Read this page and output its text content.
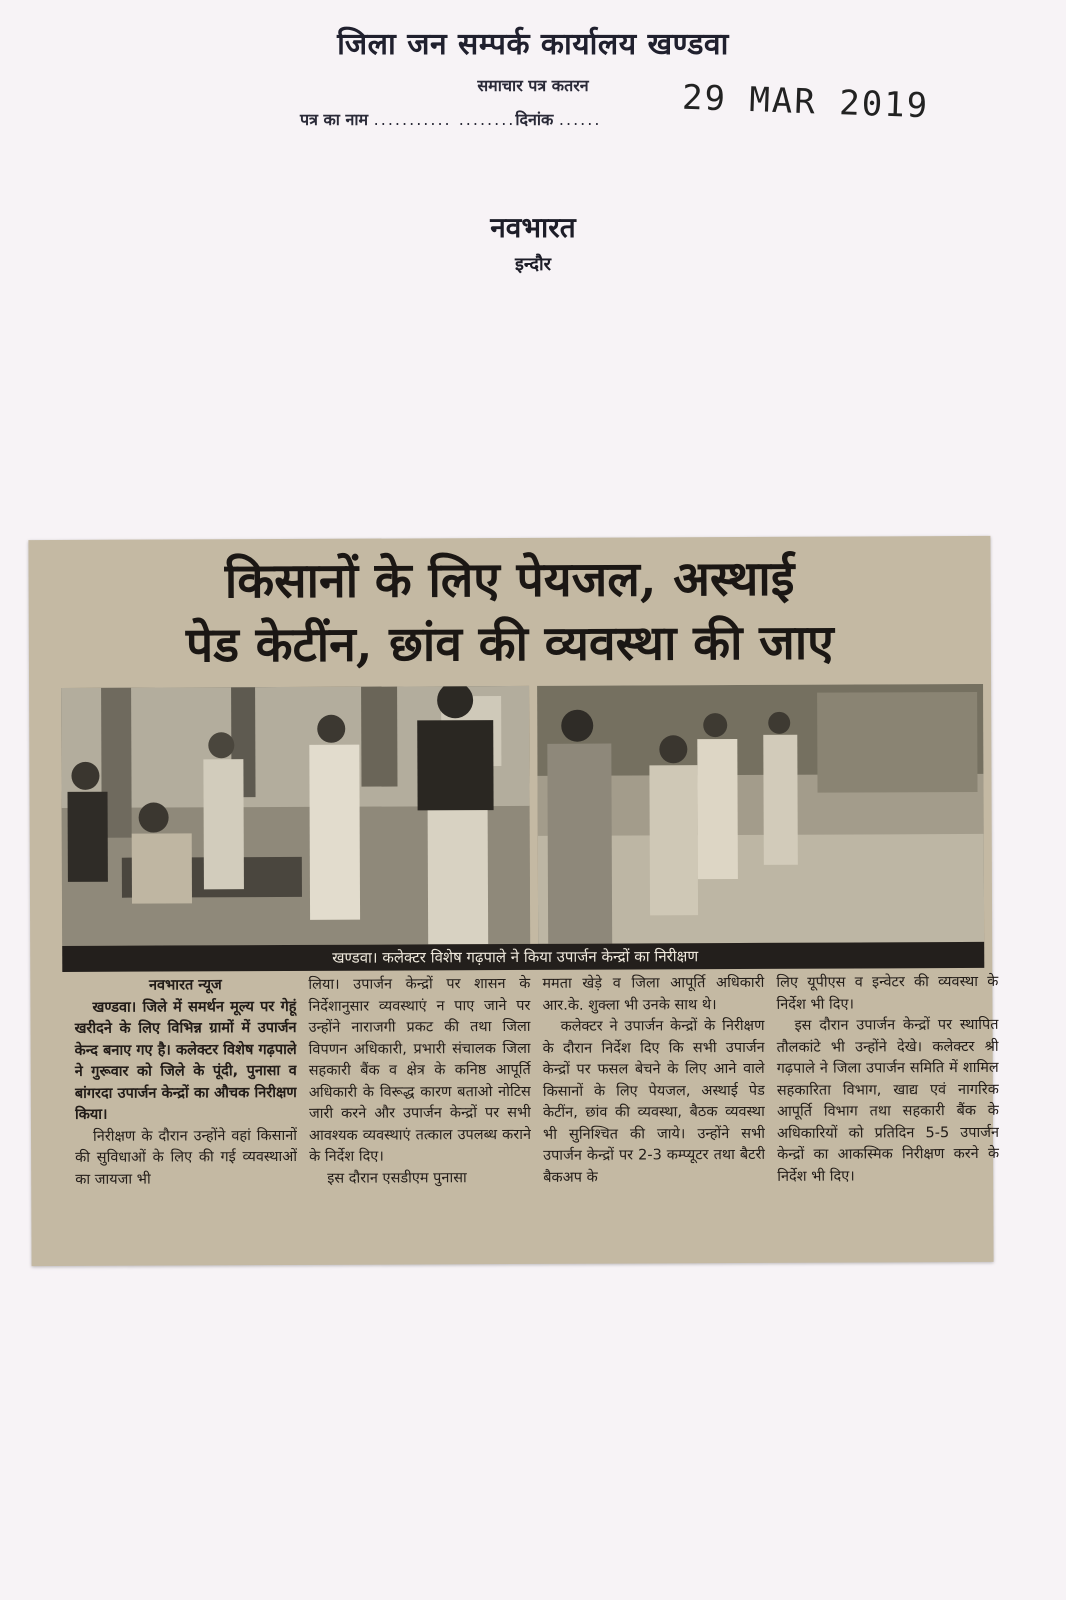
जिला जन सम्पर्क कार्यालय खण्डवा
समाचार पत्र कतरन
पत्र का नाम ........... ........दिनांक ......	29 MAR 2019
नवभारत
इन्दौर
किसानों के लिए पेयजल, अस्थाई
पेड केटींन, छांव की व्यवस्था की जाए
खण्डवा। कलेक्टर विशेष गढ़पाले ने किया उपार्जन केन्द्रों का निरीक्षण

नवभारत न्यूज

खण्डवा। जिले में समर्थन मूल्य पर गेहूं खरीदने के लिए विभिन्न ग्रामों में उपार्जन केन्द बनाए गए है। कलेक्टर विशेष गढ़पाले ने गुरूवार को जिले के पूंदी, पुनासा व बांगरदा उपार्जन केन्द्रों का औचक निरीक्षण किया।

निरीक्षण के दौरान उन्होंने वहां किसानों की सुविधाओं के लिए की गई व्यवस्थाओं का जायजा भी

लिया। उपार्जन केन्द्रों पर शासन के निर्देशानुसार व्यवस्थाएं न पाए जाने पर उन्होंने नाराजगी प्रकट की तथा जिला विपणन अधिकारी, प्रभारी संचालक जिला सहकारी बैंक व क्षेत्र के कनिष्ठ आपूर्ति अधिकारी के विरूद्ध कारण बताओ नोटिस जारी करने और उपार्जन केन्द्रों पर सभी आवश्यक व्यवस्थाएं तत्काल उपलब्ध कराने के निर्देश दिए।

इस दौरान एसडीएम पुनासा

ममता खेड़े व जिला आपूर्ति अधिकारी आर.के. शुक्ला भी उनके साथ थे।

कलेक्टर ने उपार्जन केन्द्रों के निरीक्षण के दौरान निर्देश दिए कि सभी उपार्जन केन्द्रों पर फसल बेचने के लिए आने वाले किसानों के लिए पेयजल, अस्थाई पेड केटींन, छांव की व्यवस्था, बैठक व्यवस्था भी सुनिश्चित की जाये। उन्होंने सभी उपार्जन केन्द्रों पर 2-3 कम्प्यूटर तथा बैटरी बैकअप के

लिए यूपीएस व इन्वेटर की व्यवस्था के निर्देश भी दिए।

इस दौरान उपार्जन केन्द्रों पर स्थापित तौलकांटे भी उन्होंने देखे। कलेक्टर श्री गढ़पाले ने जिला उपार्जन समिति में शामिल सहकारिता विभाग, खाद्य एवं नागरिक आपूर्ति विभाग तथा सहकारी बैंक के अधिकारियों को प्रतिदिन 5-5 उपार्जन केन्द्रों का आकस्मिक निरीक्षण करने के निर्देश भी दिए।
